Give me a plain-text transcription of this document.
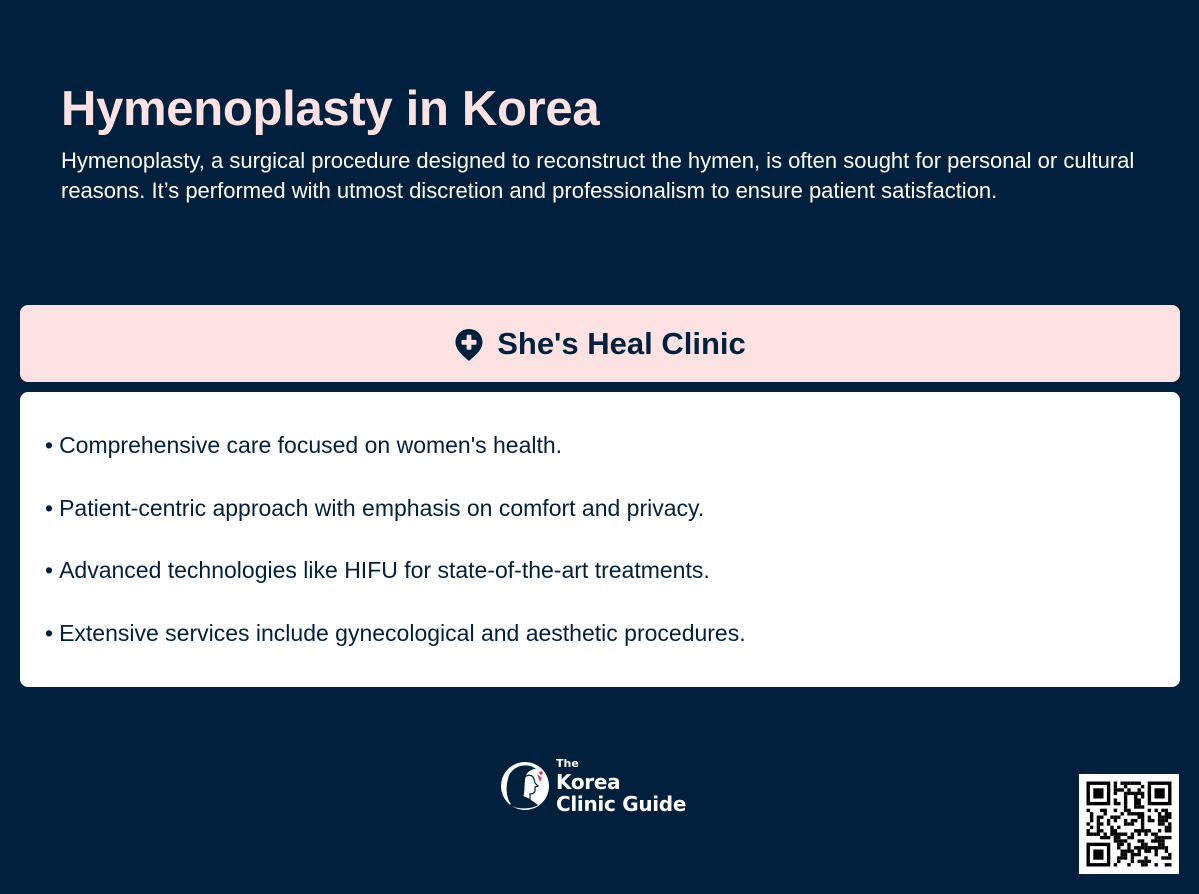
Hymenoplasty in Korea

Hymenoplasty, a surgical procedure designed to reconstruct the hymen, is often sought for personal or cultural reasons. It’s performed with utmost discretion and professionalism to ensure patient satisfaction.

She's Heal Clinic
• Comprehensive care focused on women's health.
• Patient-centric approach with emphasis on comfort and privacy.
• Advanced technologies like HIFU for state-of-the-art treatments.
• Extensive services include gynecological and aesthetic procedures.
The
Korea
Clinic Guide
